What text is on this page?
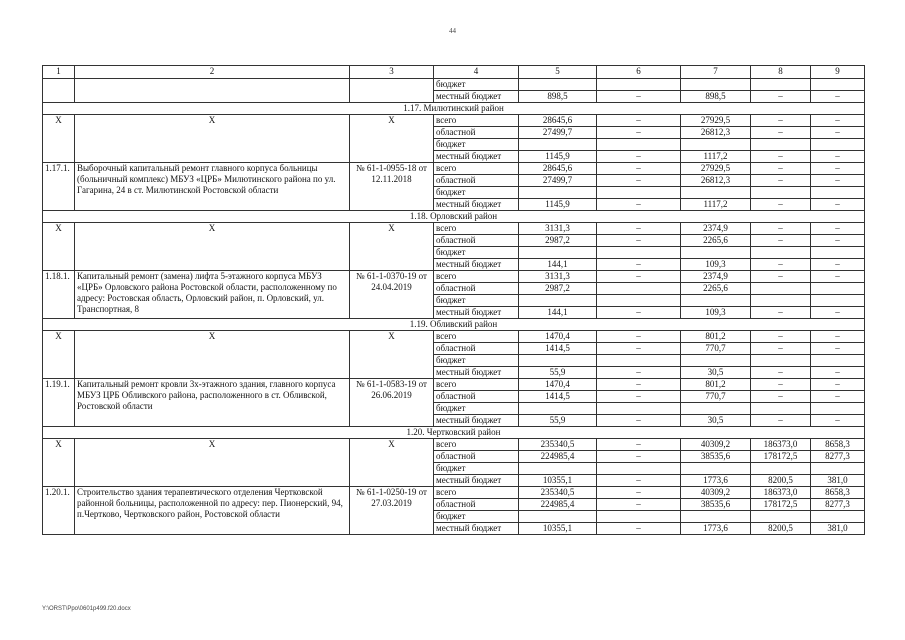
44
1	2	3	4	5	6	7	8	9
			бюджет					
			местный бюджет	898,5	–	898,5	–	–
1.17. Милютинский район								
Х	Х	Х	всего	28645,6	–	27929,5	–	–
			областной	27499,7	–	26812,3	–	–
			бюджет					
			местный бюджет	1145,9	–	1117,2	–	–
1.17.1.	Выборочный капитальный ремонт главного корпуса больницы (больничный комплекс) МБУЗ «ЦРБ» Милютинского района по ул. Гагарина, 24 в ст. Милютинской Ростовской области	№ 61-1-0955-18 от 12.11.2018	всего	28645,6	–	27929,5	–	–
			областной	27499,7	–	26812,3	–	–
			бюджет					
			местный бюджет	1145,9	–	1117,2	–	–
1.18. Орловский район								
Х	Х	Х	всего	3131,3	–	2374,9	–	–
			областной	2987,2	–	2265,6	–	–
			бюджет					
			местный бюджет	144,1	–	109,3	–	–
1.18.1.	Капитальный ремонт (замена) лифта 5-этажного корпуса МБУЗ «ЦРБ» Орловского района Ростовской области, расположенному по адресу: Ростовская область, Орловский район, п. Орловский, ул. Транспортная, 8	№ 61-1-0370-19 от 24.04.2019	всего	3131,3	–	2374,9	–	–
			областной	2987,2		2265,6		
			бюджет					
			местный бюджет	144,1	–	109,3	–	–
1.19. Обливский район								
Х	Х	Х	всего	1470,4	–	801,2	–	–
			областной	1414,5	–	770,7	–	–
			бюджет					
			местный бюджет	55,9	–	30,5	–	–
1.19.1.	Капитальный ремонт кровли 3х-этажного здания, главного корпуса МБУЗ ЦРБ Обливского района, расположенного в ст. Обливской, Ростовской области	№ 61-1-0583-19 от 26.06.2019	всего	1470,4	–	801,2	–	–
			областной	1414,5	–	770,7	–	–
			бюджет					
			местный бюджет	55,9	–	30,5	–	–
1.20. Чертковский район								
Х	Х	Х	всего	235340,5	–	40309,2	186373,0	8658,3
			областной	224985,4	–	38535,6	178172,5	8277,3
			бюджет					
			местный бюджет	10355,1	–	1773,6	8200,5	381,0
1.20.1.	Строительство здания терапевтического отделения Чертковской районной больницы, расположенной по адресу: пер. Пионерский, 94, п.Чертково, Чертковского район, Ростовской области	№ 61-1-0250-19 от 27.03.2019	всего	235340,5	–	40309,2	186373,0	8658,3
			областной	224985,4	–	38535,6	178172,5	8277,3
			бюджет					
			местный бюджет	10355,1	–	1773,6	8200,5	381,0
Y:\ORST\Ppo\0601p499.f20.docx
